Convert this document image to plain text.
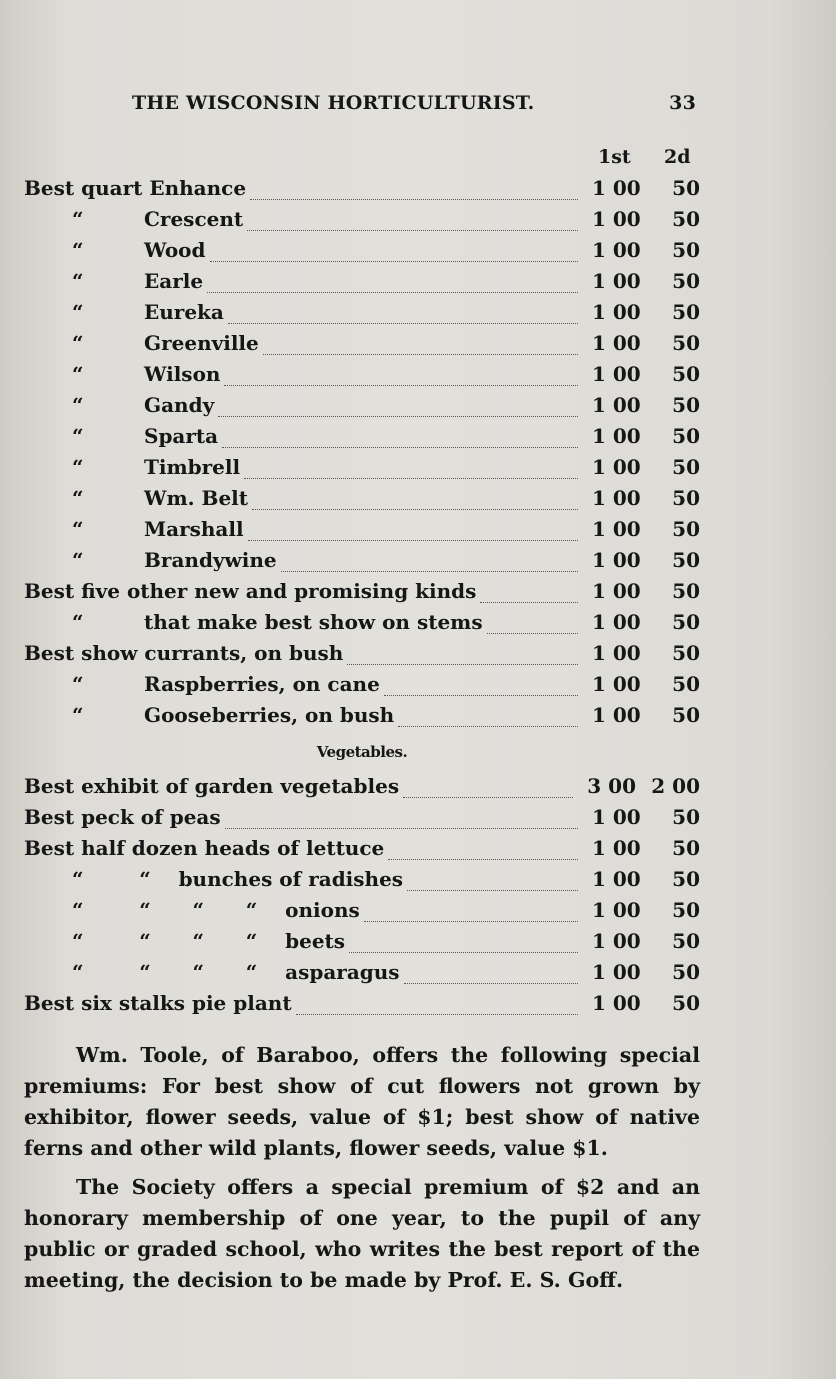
THE WISCONSIN HORTICULTURIST.	33
1st 2d
Best quart Enhance	1 00	50
“	Crescent	1 00	50
“	Wood	1 00	50
“	Earle	1 00	50
“	Eureka	1 00	50
“	Greenville	1 00	50
“	Wilson	1 00	50
“	Gandy	1 00	50
“	Sparta	1 00	50
“	Timbrell	1 00	50
“	Wm. Belt	1 00	50
“	Marshall	1 00	50
“	Brandywine	1 00	50
Best five other new and promising kinds	1 00	50
“	that make best show on stems	1 00	50
Best show currants, on bush	1 00	50
“	Raspberries, on cane	1 00	50
“	Gooseberries, on bush	1 00	50
Vegetables.
Best exhibit of garden vegetables	3 00 2 00
Best peck of peas	1 00	50
Best half dozen heads of lettuce	1 00	50
“        “    bunches of radishes	1 00	50
“        “      “      “    onions	1 00	50
“        “      “      “    beets	1 00	50
“        “      “      “    asparagus	1 00	50
Best six stalks pie plant	1 00	50
Wm. Toole, of Baraboo, offers the following special premiums: For best show of cut flowers not grown by exhibitor, flower seeds, value of $1; best show of native ferns and other wild plants, flower seeds, value $1.
The Society offers a special premium of $2 and an honorary membership of one year, to the pupil of any public or graded school, who writes the best report of the meeting, the decision to be made by Prof. E. S. Goff.
